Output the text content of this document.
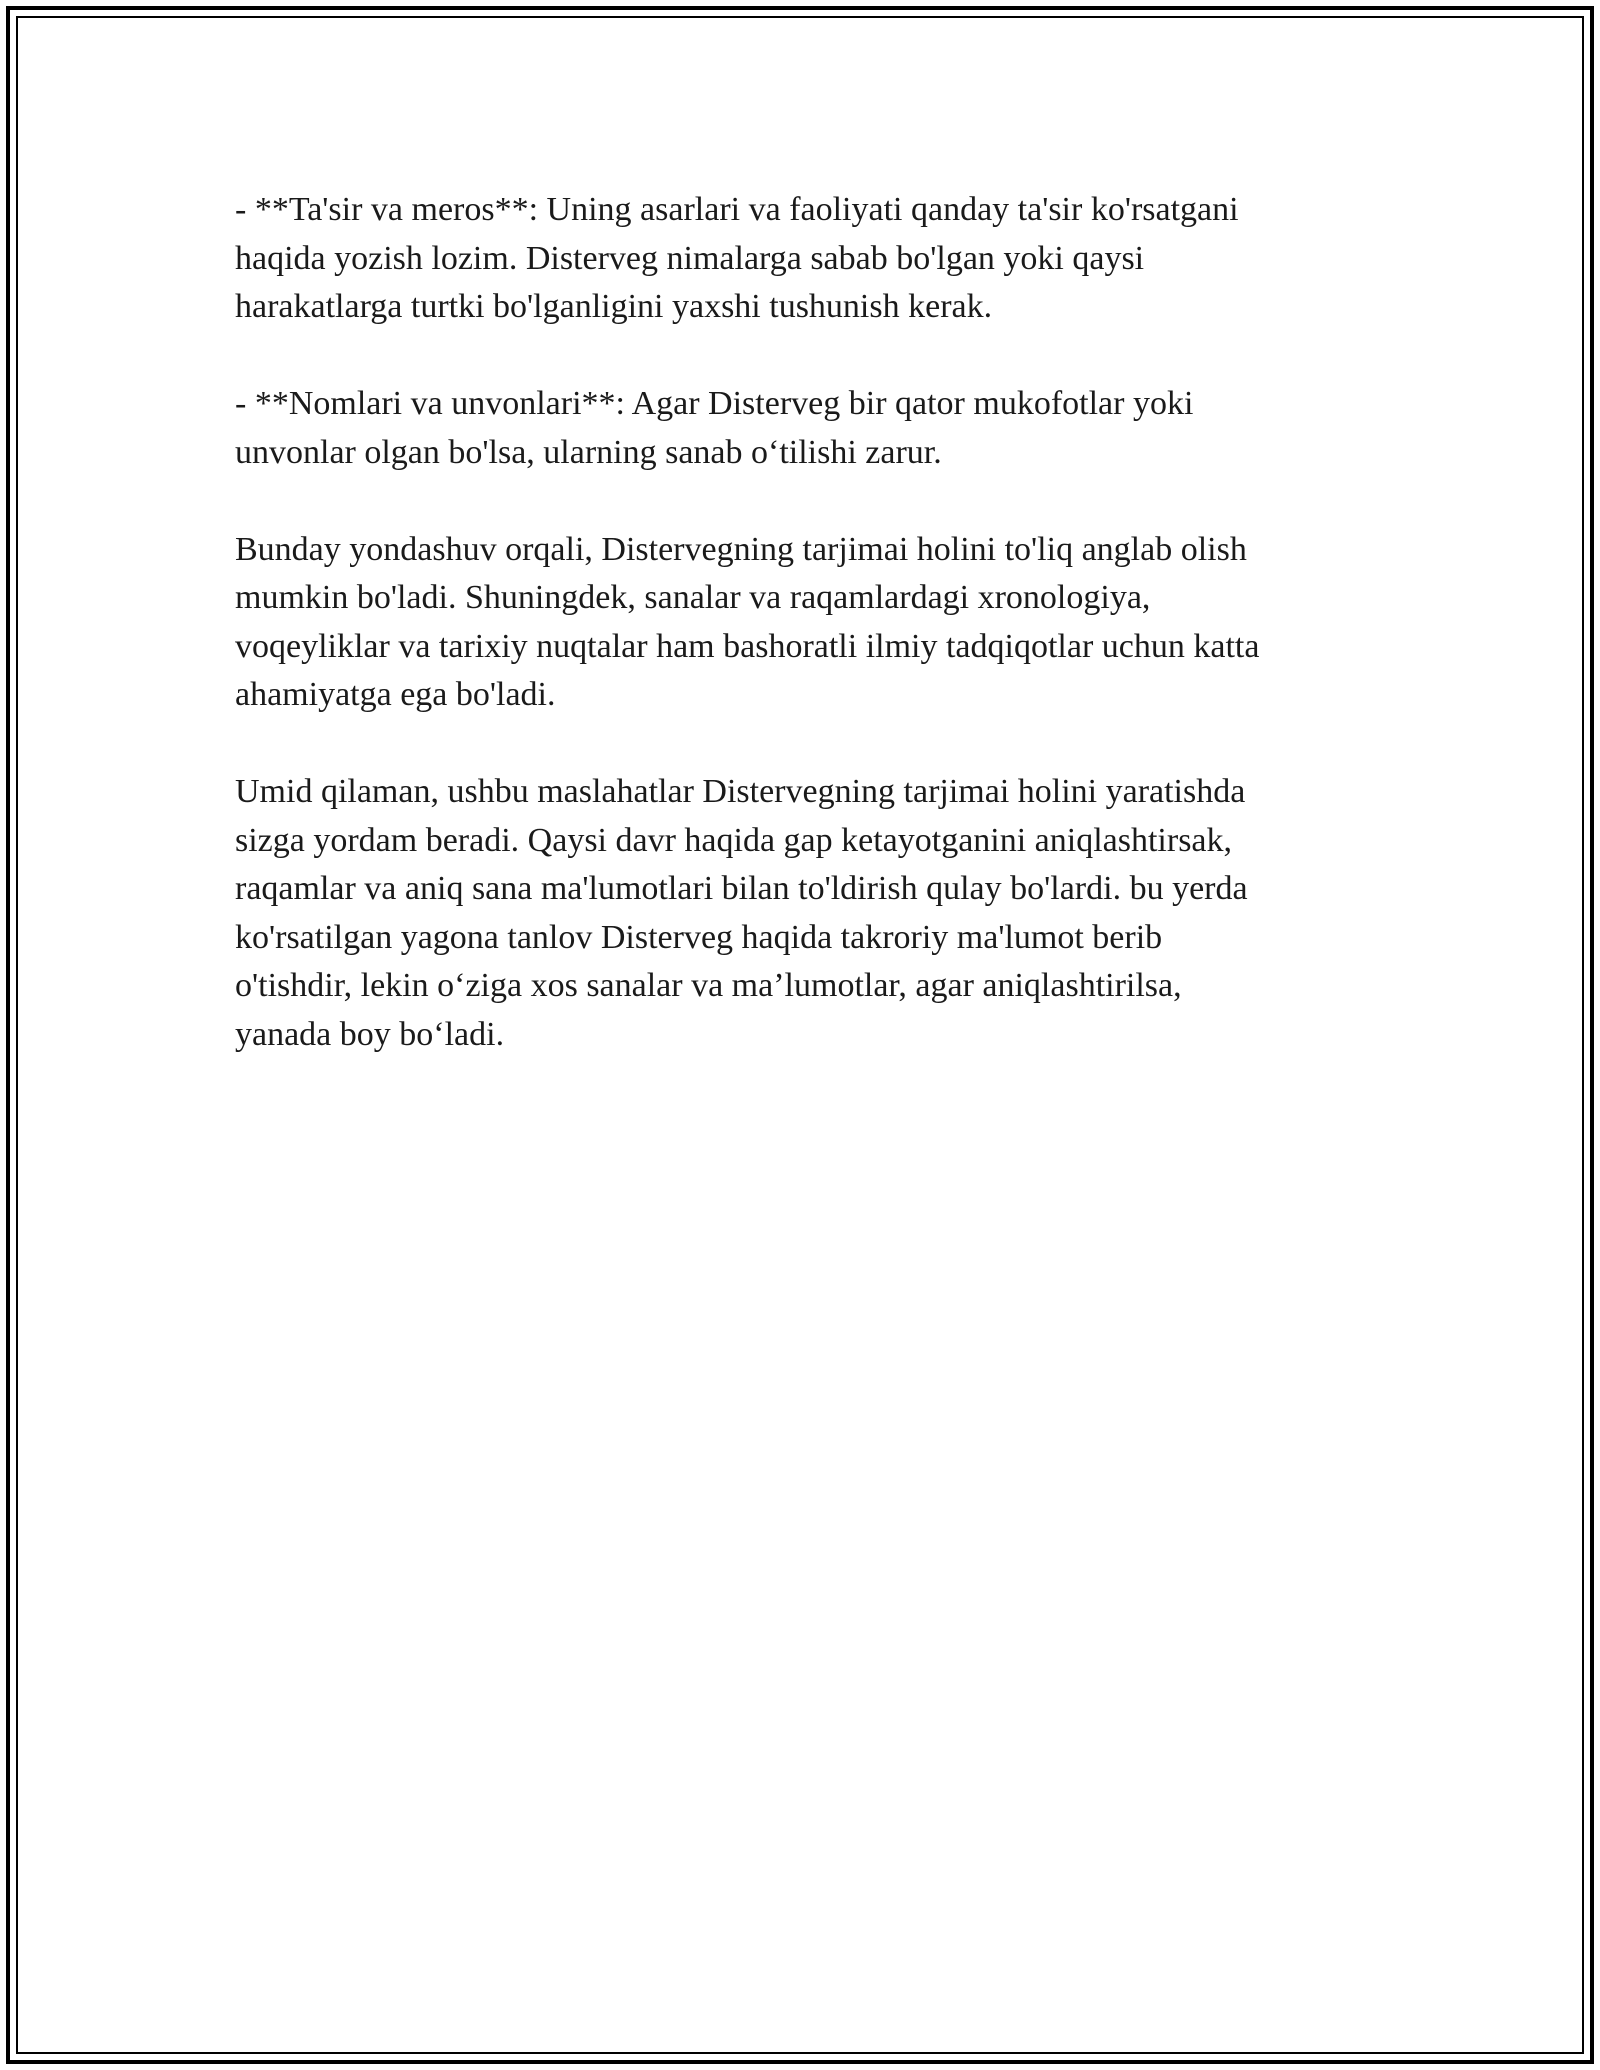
- **Ta'sir va meros**: Uning asarlari va faoliyati qanday ta'sir ko'rsatgani
haqida yozish lozim. Disterveg nimalarga sabab bo'lgan yoki qaysi
harakatlarga turtki bo'lganligini yaxshi tushunish kerak.

- **Nomlari va unvonlari**: Agar Disterveg bir qator mukofotlar yoki
unvonlar olgan bo'lsa, ularning sanab o‘tilishi zarur.

Bunday yondashuv orqali, Distervegning tarjimai holini to'liq anglab olish
mumkin bo'ladi. Shuningdek, sanalar va raqamlardagi xronologiya,
voqeyliklar va tarixiy nuqtalar ham bashoratli ilmiy tadqiqotlar uchun katta
ahamiyatga ega bo'ladi.

Umid qilaman, ushbu maslahatlar Distervegning tarjimai holini yaratishda
sizga yordam beradi. Qaysi davr haqida gap ketayotganini aniqlashtirsak,
raqamlar va aniq sana ma'lumotlari bilan to'ldirish qulay bo'lardi. bu yerda
ko'rsatilgan yagona tanlov Disterveg haqida takroriy ma'lumot berib
o'tishdir, lekin o‘ziga xos sanalar va ma’lumotlar, agar aniqlashtirilsa,
yanada boy bo‘ladi.
